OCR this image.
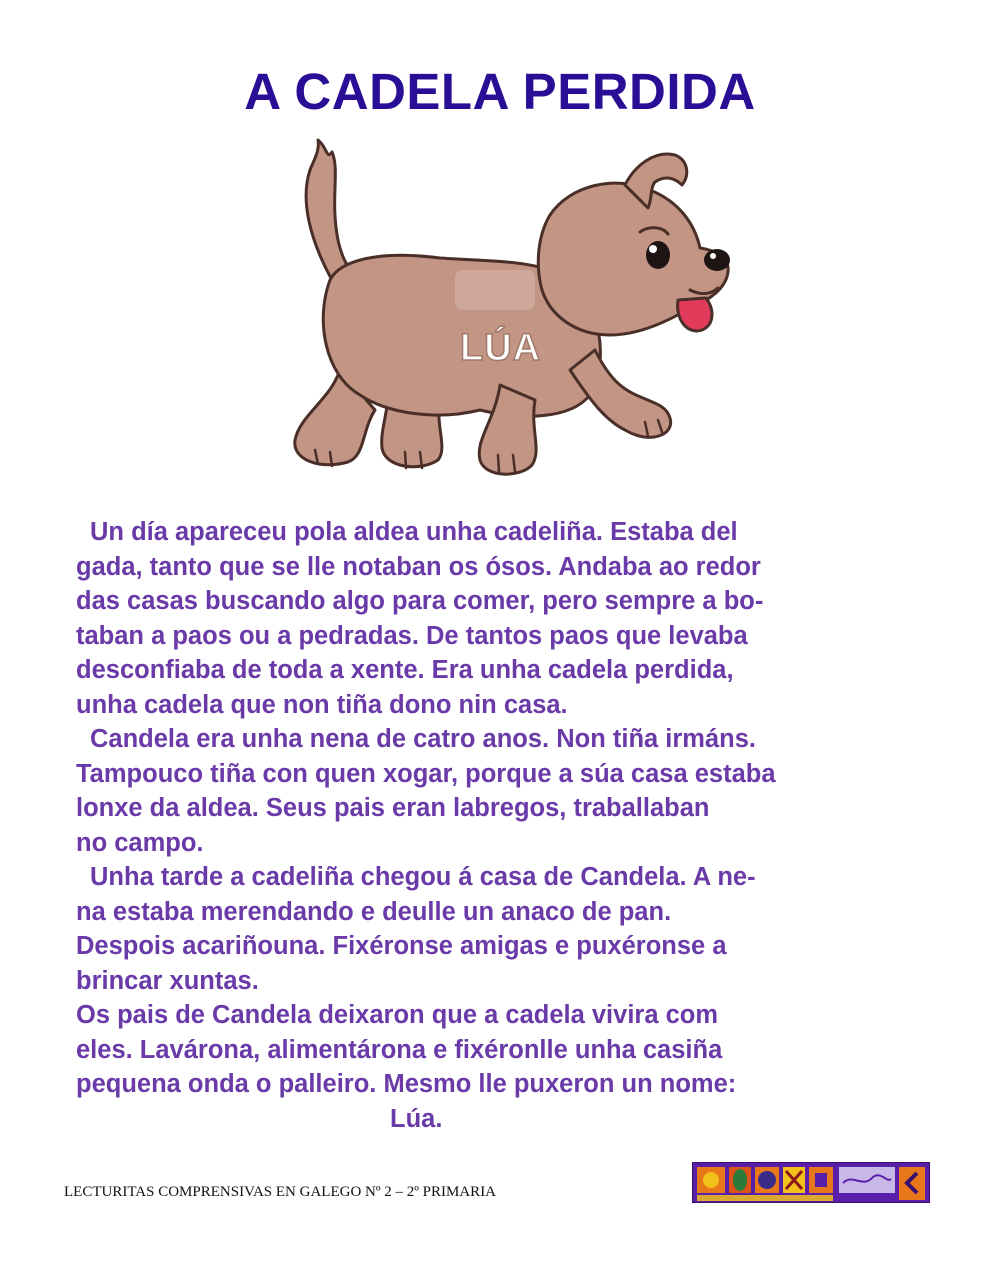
A CADELA PERDIDA
LÚA
Un día apareceu pola aldea unha cadeliña. Estaba del
gada, tanto que se lle notaban os ósos. Andaba ao redor
das casas buscando algo para comer, pero sempre a bo-
taban a paos ou a pedradas. De tantos paos que levaba
desconfiaba de toda a xente. Era unha cadela perdida,
unha cadela que non tiña dono nin casa.
Candela era unha nena de catro anos. Non tiña irmáns.
Tampouco tiña con quen xogar, porque a súa casa estaba
lonxe da aldea. Seus pais eran labregos, traballaban
no campo.
Unha tarde a cadeliña chegou á casa de Candela. A ne-
na estaba merendando e deulle un anaco de pan.
Despois acariñouna. Fixéronse amigas e puxéronse a
brincar xuntas.
Os pais de Candela deixaron que a cadela vivira com
eles. Lavárona, alimentárona e fixéronlle unha casiña
pequena onda o palleiro. Mesmo lle puxeron un nome:
Lúa.
LECTURITAS COMPRENSIVAS EN GALEGO Nº 2 – 2º PRIMARIA
